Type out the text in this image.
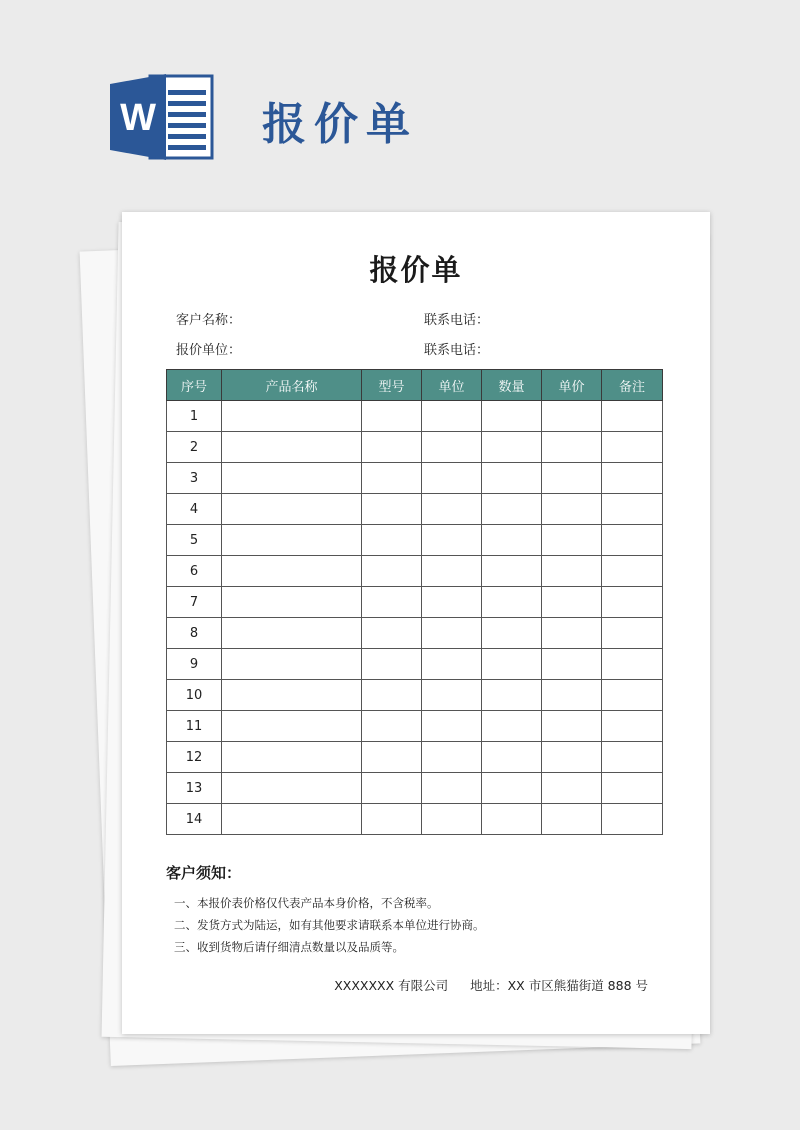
W 报价单
报价单
客户名称：	联系电话：
报价单位：	联系电话：
序号	产品名称	型号	单位	数量	单价	备注
1						
2						
3						
4						
5						
6						
7						
8						
9						
10						
11						
12						
13						
14						
客户须知：
一、本报价表价格仅代表产品本身价格，不含税率。
二、发货方式为陆运，如有其他要求请联系本单位进行协商。
三、收到货物后请仔细清点数量以及品质等。
XXXXXXX 有限公司 地址：XX 市区熊猫街道 888 号
